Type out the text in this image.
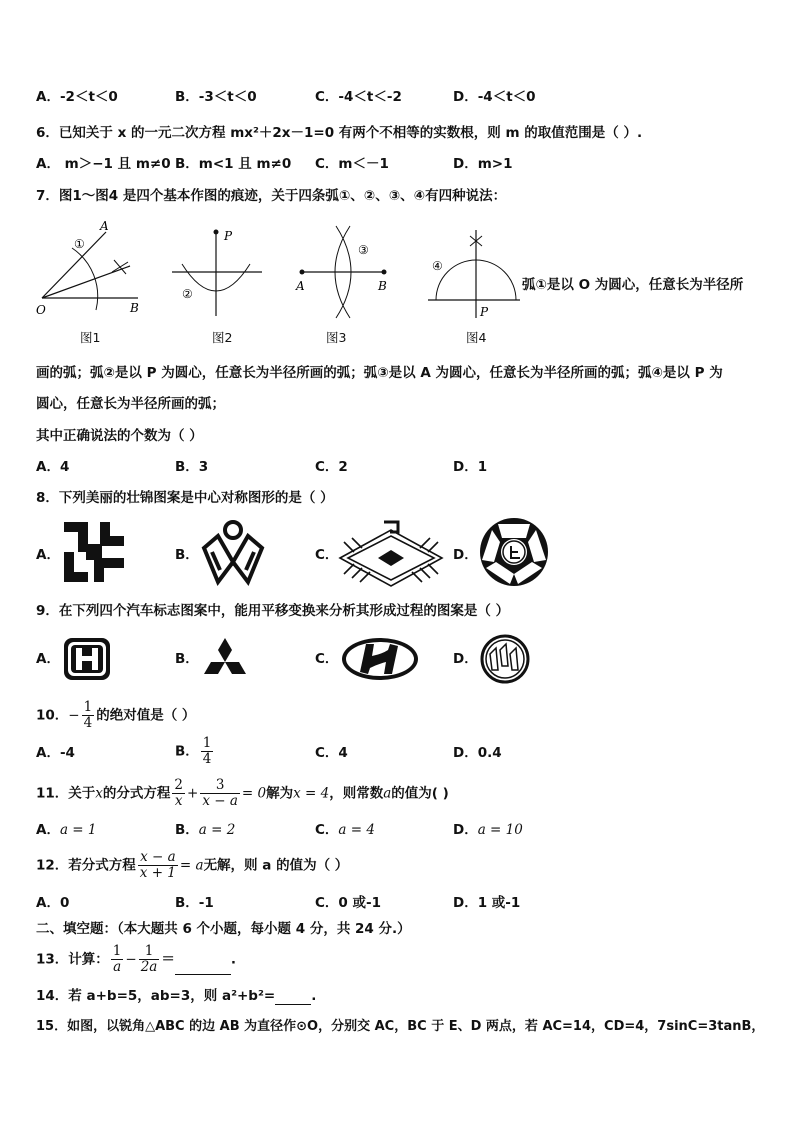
A．-2＜t＜0	B．-3＜t＜0	C．-4＜t＜-2	D．-4＜t＜0
6．已知关于 x 的一元二次方程 mx²＋2x－1=0 有两个不相等的实数根，则 m 的取值范围是（ ）.
A． m＞−1 且 m≠0 B．m<1 且 m≠0 C．m＜－1	D．m>1
7．图1～图4 是四个基本作图的痕迹，关于四条弧①、②、③、④有四种说法：
A
B
O
①
图1
P
②
图2
A	B
③
图3
P
④
图4
弧①是以 O 为圆心，任意长为半径所
画的弧；弧②是以 P 为圆心，任意长为半径所画的弧；弧③是以 A 为圆心，任意长为半径所画的弧；弧④是以 P 为
圆心，任意长为半径所画的弧；
其中正确说法的个数为（ ）
A．4	B．3	C．2	D．1
8．下列美丽的壮锦图案是中心对称图形的是（ ）
A．	B．	C．	D．
9．在下列四个汽车标志图案中，能用平移变换来分析其形成过程的图案是（ ）
A．	B．	C．	D．
10．− $\frac{1}{4}$ 的绝对值是（ ）
A．-4	B． $\frac{1}{4}$	C．4	D．0.4
11．关于x的分式方程 $\frac{2}{x} + \frac{3}{x - a} = 0$解为x = 4，则常数a的值为( )
A．a = 1	B．a = 2	C．a = 4	D．a = 10
12．若分式方程 $\frac{x - a}{x + 1} = a$无解，则 a 的值为（ ）
A．0	B．-1	C．0 或-1	D．1 或-1
二、填空题：（本大题共 6 个小题，每小题 4 分，共 24 分.）
13．计算： $\frac{1}{a} - \frac{1}{2a}$ ＝	.
14．若 a+b=5，ab=3，则 a²+b²=	.
15．如图，以锐角△ABC 的边 AB 为直径作⊙O，分别交 AC，BC 于 E、D 两点，若 AC=14，CD=4，7sinC=3tanB，
